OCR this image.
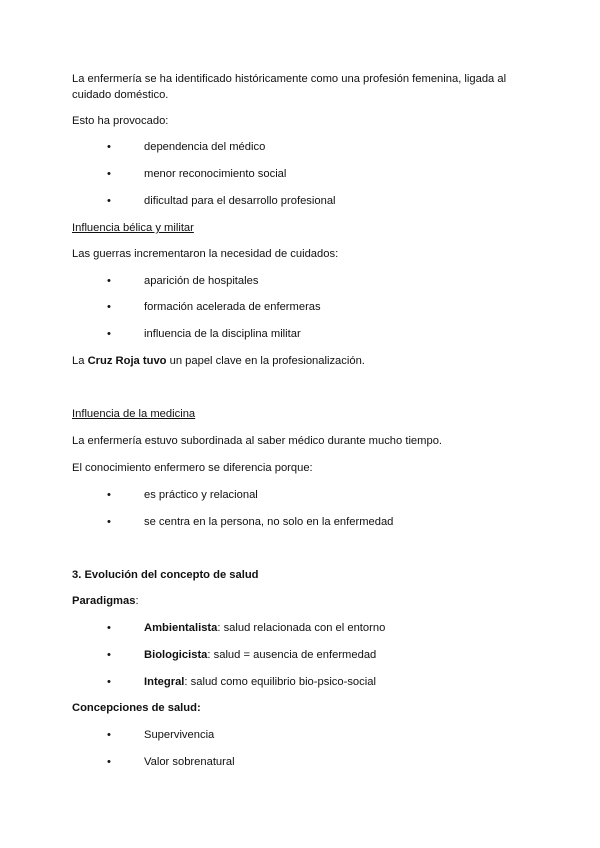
La enfermería se ha identificado históricamente como una profesión femenina, ligada al
cuidado doméstico.
Esto ha provocado:
•	dependencia del médico
•	menor reconocimiento social
•	dificultad para el desarrollo profesional
Influencia bélica y militar
Las guerras incrementaron la necesidad de cuidados:
•	aparición de hospitales
•	formación acelerada de enfermeras
•	influencia de la disciplina militar
La Cruz Roja tuvo un papel clave en la profesionalización.
Influencia de la medicina
La enfermería estuvo subordinada al saber médico durante mucho tiempo.
El conocimiento enfermero se diferencia porque:
•	es práctico y relacional
•	se centra en la persona, no solo en la enfermedad
3. Evolución del concepto de salud
Paradigmas:
•	Ambientalista: salud relacionada con el entorno
•	Biologicista: salud = ausencia de enfermedad
•	Integral: salud como equilibrio bio-psico-social
Concepciones de salud:
•	Supervivencia
•	Valor sobrenatural
